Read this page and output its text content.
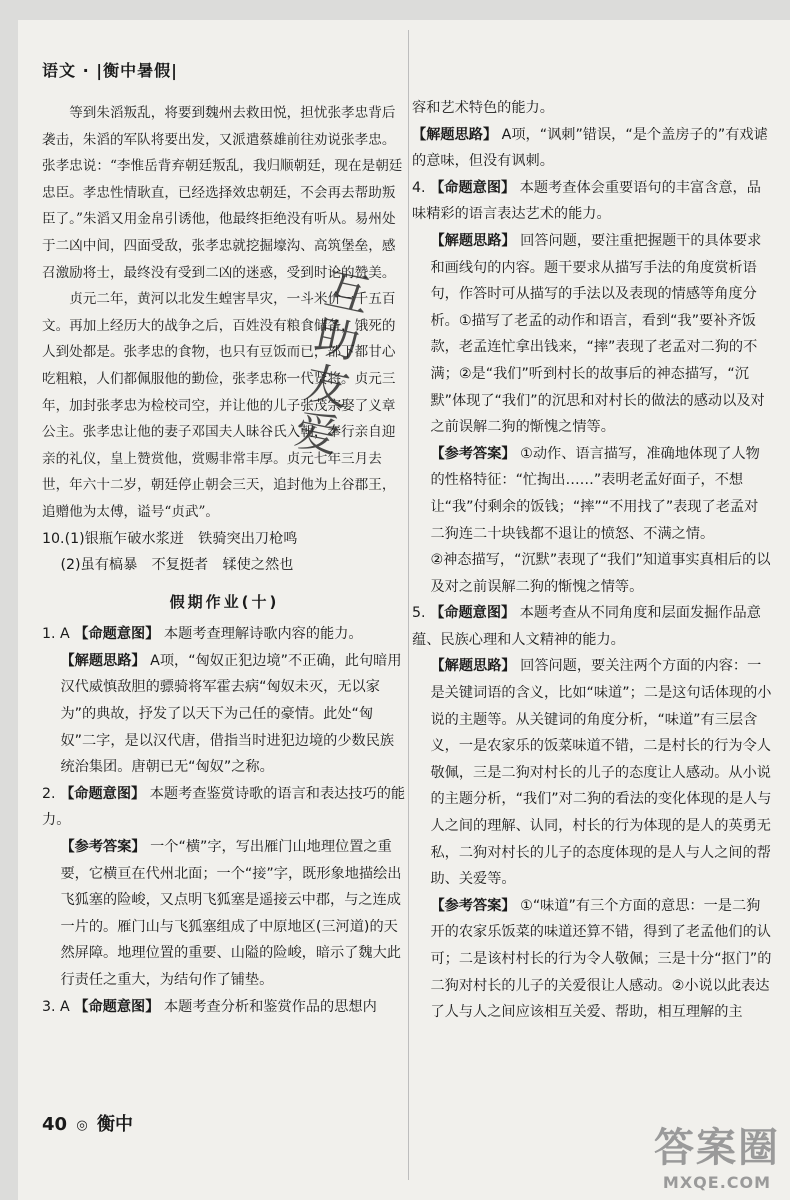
语文 · |衡中暑假|

等到朱滔叛乱，将要到魏州去救田悦，担忧张孝忠背后袭击，朱滔的军队将要出发，又派遣蔡雄前往劝说张孝忠。张孝忠说：“李惟岳背弃朝廷叛乱，我归顺朝廷，现在是朝廷忠臣。孝忠性情耿直，已经选择效忠朝廷，不会再去帮助叛臣了。”朱滔又用金帛引诱他，他最终拒绝没有听从。易州处于二凶中间，四面受敌，张孝忠就挖掘壕沟、高筑堡垒，感召激励将士，最终没有受到二凶的迷惑，受到时论的赞美。

贞元二年，黄河以北发生蝗害旱灾，一斗米价一千五百文。再加上经历大的战争之后，百姓没有粮食储备，饿死的人到处都是。张孝忠的食物，也只有豆饭而已，部下都甘心吃粗粮，人们都佩服他的勤俭，张孝忠称一代贤将。贞元三年，加封张孝忠为检校司空，并让他的儿子张茂宗娶了义章公主。张孝忠让他的妻子邓国夫人昧谷氏入朝，奉行亲自迎亲的礼仪，皇上赞赏他，赏赐非常丰厚。贞元七年三月去世，年六十二岁，朝廷停止朝会三天，追封他为上谷郡王，追赠他为太傅，谥号“贞武”。

10.(1)银瓶乍破水浆迸　铁骑突出刀枪鸣

(2)虽有槁暴　不复挺者　𫐓使之然也

假期作业(十)

1. A 【命题意图】 本题考查理解诗歌内容的能力。

【解题思路】 A项，“匈奴正犯边境”不正确，此句暗用汉代威慎敌胆的骠骑将军霍去病“匈奴未灭，无以家为”的典故，抒发了以天下为己任的豪情。此处“匈奴”二字，是以汉代唐，借指当时进犯边境的少数民族统治集团。唐朝已无“匈奴”之称。

2. 【命题意图】 本题考查鉴赏诗歌的语言和表达技巧的能力。

【参考答案】 一个“横”字，写出雁门山地理位置之重要，它横亘在代州北面；一个“接”字，既形象地描绘出飞狐塞的险峻，又点明飞狐塞是遥接云中郡，与之连成一片的。雁门山与飞狐塞组成了中原地区(三河道)的天然屏障。地理位置的重要、山隘的险峻，暗示了魏大此行责任之重大，为结句作了铺垫。

3. A 【命题意图】 本题考查分析和鉴赏作品的思想内

容和艺术特色的能力。

【解题思路】 A项，“讽刺”错误，“是个盖房子的”有戏谑的意味，但没有讽刺。

4. 【命题意图】 本题考查体会重要语句的丰富含意，品味精彩的语言表达艺术的能力。

【解题思路】 回答问题，要注重把握题干的具体要求和画线句的内容。题干要求从描写手法的角度赏析语句，作答时可从描写的手法以及表现的情感等角度分析。①描写了老孟的动作和语言，看到“我”要补齐饭款，老孟连忙拿出钱来，“摔”表现了老孟对二狗的不满；②是“我们”听到村长的故事后的神态描写，“沉默”体现了“我们”的沉思和对村长的做法的感动以及对之前误解二狗的惭愧之情等。

【参考答案】 ①动作、语言描写，准确地体现了人物的性格特征：“忙掏出……”表明老孟好面子，不想让“我”付剩余的饭钱；“摔”“不用找了”表现了老孟对二狗连二十块钱都不退让的愤怒、不满之情。

②神态描写，“沉默”表现了“我们”知道事实真相后的以及对之前误解二狗的惭愧之情等。

5. 【命题意图】 本题考查从不同角度和层面发掘作品意蕴、民族心理和人文精神的能力。

【解题思路】 回答问题，要关注两个方面的内容：一是关键词语的含义，比如“味道”；二是这句话体现的小说的主题等。从关键词的角度分析，“味道”有三层含义，一是农家乐的饭菜味道不错，二是村长的行为令人敬佩，三是二狗对村长的儿子的态度让人感动。从小说的主题分析，“我们”对二狗的看法的变化体现的是人与人之间的理解、认同，村长的行为体现的是人的英勇无私，二狗对村长的儿子的态度体现的是人与人之间的帮助、关爱等。

【参考答案】 ①“味道”有三个方面的意思：一是二狗开的农家乐饭菜的味道还算不错，得到了老孟他们的认可；二是该村村长的行为令人敬佩；三是十分“抠门”的二狗对村长的儿子的关爱很让人感动。②小说以此表达了人与人之间应该相互关爱、帮助，相互理解的主

互
助
友
爱
40 ◎ 衡中
答案圈
MXQE.COM
